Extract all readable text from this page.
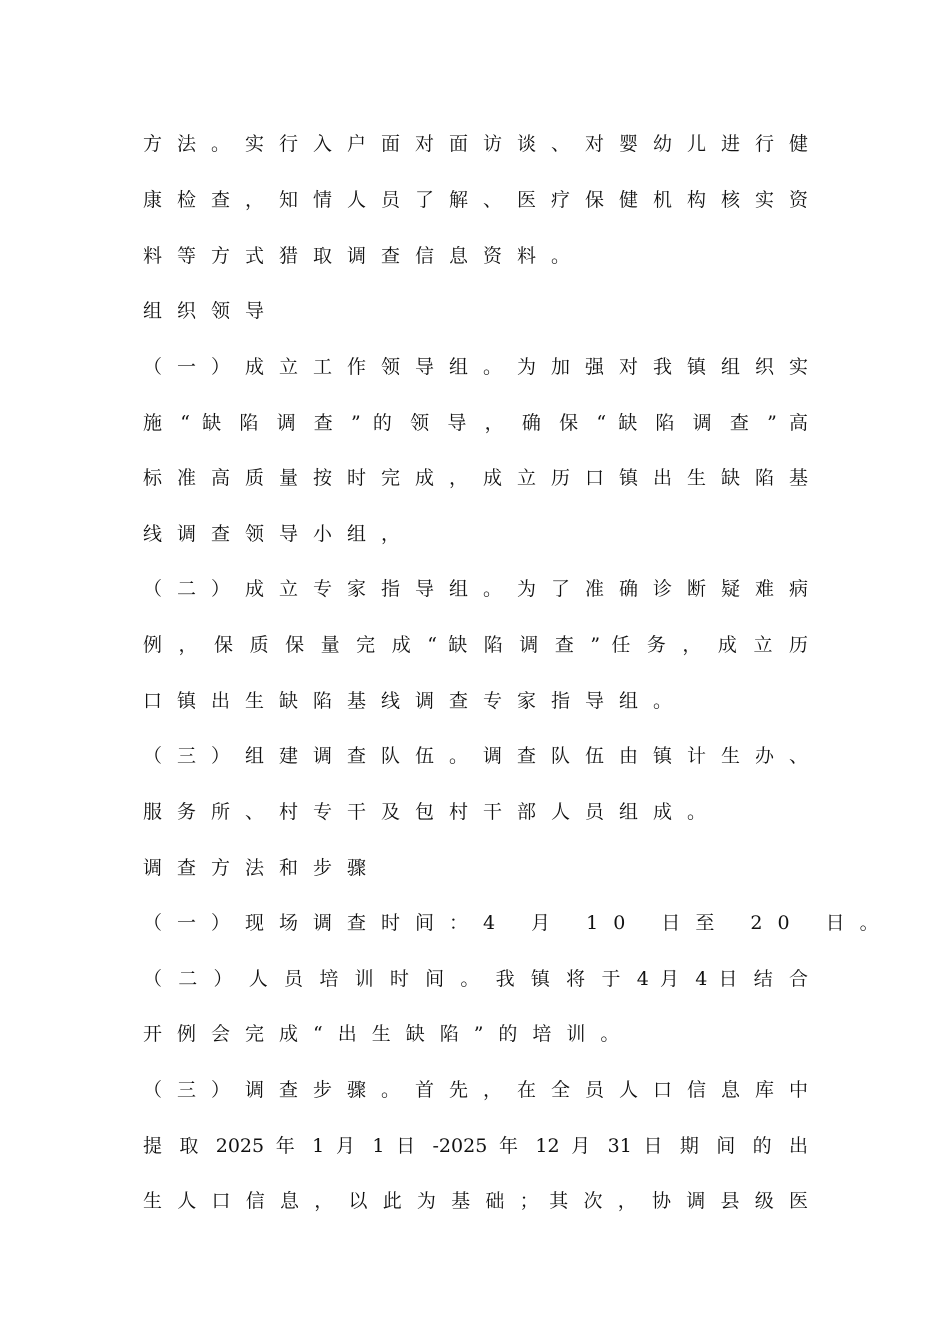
方 法 。 实 行 入 户 面 对 面 访 谈 、 对 婴 幼 儿 进 行 健
康 检 查 ， 知 情 人 员 了 解 、 医 疗 保 健 机 构 核 实 资
料等方式猎取调查信息资料。
组织领导
（ 一 ） 成 立 工 作 领 导 组 。 为 加 强 对 我 镇 组 织 实
施 “ 缺 陷 调 查 ” 的 领 导 ， 确 保 “ 缺 陷 调 查 ” 高
标 准 高 质 量 按 时 完 成 ， 成 立 历 口 镇 出 生 缺 陷 基
线调查领导小组，
（ 二 ） 成 立 专 家 指 导 组 。 为 了 准 确 诊 断 疑 难 病
例 ， 保 质 保 量 完 成 “ 缺 陷 调 查 ” 任 务 ， 成 立 历
口镇出生缺陷基线调查专家指导组。
（ 三 ） 组 建 调 查 队 伍 。 调 查 队 伍 由 镇 计 生 办 、
服务所、村专干及包村干部人员组成。
调查方法和步骤
（一）现场调查时间：4 月 10 日至 20 日。
（ 二 ） 人 员 培 训 时 间 。 我 镇 将 于 4 月 4 日 结 合
开例会完成“出生缺陷”的培训。
（ 三 ） 调 查 步 骤 。 首 先 ， 在 全 员 人 口 信 息 库 中
提 取 2025 年 1 月 1 日 -2025 年 12 月 31 日 期 间 的 出
生 人 口 信 息 ， 以 此 为 基 础 ； 其 次 ， 协 调 县 级 医
